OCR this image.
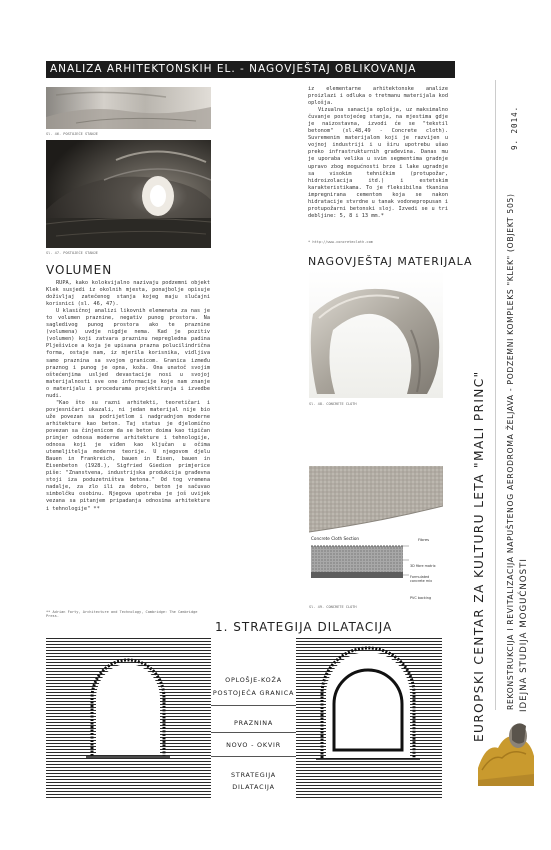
ANALIZA ARHITEKTONSKIH EL. - NAGOVJEŠTAJ OBLIKOVANJA
Sl. 46. POSTOJEĆE STANJE
Sl. 47. POSTOJEĆE STANJE
VOLUMEN

RUPA, kako kolokvijalno nazivaju podzemni objekt Klek susjedi iz okolnih mjesta, ponajbolje opisuje doživljaj zatečenog stanja kojeg maju slučajni korisnici (sl. 46, 47).

U klasičnoj analizi likovnih elemenata za nas je to volumen praznine, negativ punog prostora. Na sagledivog punog prostora ako te praznine (volumena) uvdje nigdje nema. Kad je pozitiv (volumen) koji zatvara prazninu nepregledna padina Plješivice a koja je upisana prazna polucilindrična forma, ostaje nam, iz mjerila korisnika, vidljiva samo praznina sa svojom granicom. Granica između praznog i punog je opna, koža. Ona unatoč svojim oštećenjima usljed devastacije nosi u svojoj materijalnosti sve one informacije koje nam znanje o materijalu i procedurama projektiranja i izvedbe nudi.

"Kao što su razni arhitekti, teoretičari i povjesničari ukazali, ni jedan materijal nije bio uže povezan sa podrijetlom i nadgradnjom moderne arhitekture kao beton. Taj status je djelomično povezan sa činjenicom da se beton doima kao tipičan primjer odnosa moderne arhitekture i tehnologije, odnosa koji je viđen kao ključan u očima utemeljitelja moderne teorije. U njegovom djelu Bauen in Frankreich, bauen in Eisen, bauen in Eisenbeton (1928.), Sigfried Giedion primjerice piše: "Znanstvena, industrijska produkcija građevna stoji iza poduzetništva betona." Od tog vremena nadalje, za zlo ili za dobro, beton je sačuvao simbolčku osobinu. Njegova upotreba je još uvijek vezana sa pitanjem pripadanja odnosima arhitekture i tehnologije" **

** Adrian Forty, Architecture and Technology, Cambridge: The Cambridge Press.

iz elementarne arhitektonske analize proizlazi i odluka o tretmanu materijala kod oplošja.

Vizualna sanacija oplošja, uz maksimalno čuvanje postojećeg stanja, na mjestima gdje je naizostavna, izvodi će se "tekstil betonom" (sl.48,49 - Concrete cloth). Suvremenim materijalom koji je razvijen u vojnoj industriji i u širu upotrebu ušao preko infrastrukturnih građevina. Danas mu je uporaba velika u svim segmentima gradnje upravo zbog mogućnosti brze i lake ugradnje sa visokim tehničkim (protupožar, hidroizolacija itd.) i estetskim karakteristikama. To je fleksibilna tkanina impregnirana cementom koja se nakon hidratacije stvrdne u tanak vodonepropusan i protupožarni betonski sloj. Izvedi se u tri debljine: 5, 8 i 13 mm.*

* http://www.concretecloth.com
NAGOVJEŠTAJ MATERIJALA
Sl. 48. CONCRETE CLOTH
Concrete Cloth Section	Fibres
3D fibre matrix
Formulated concrete mix
PVC backing
Sl. 49. CONCRETE CLOTH
1. STRATEGIJA DILATACIJA
OPLOŠJE-KOŽA
POSTOJEĆA GRANICA
PRAZNINA
NOVO - OKVIR
STRATEGIJA
DILATACIJA
9. 2014.
REKONSTRUKCIJA I REVITALIZACIJA NAPUŠTENOG AERODROMA ŽELJAVA - PODZEMNI KOMPLEKS "KLEK" (OBJEKT 505)
EUROPSKI CENTAR ZA KULTURU LETA "MALI PRINC"	IDEJNA STUDIJA MOGUĆNOSTI
